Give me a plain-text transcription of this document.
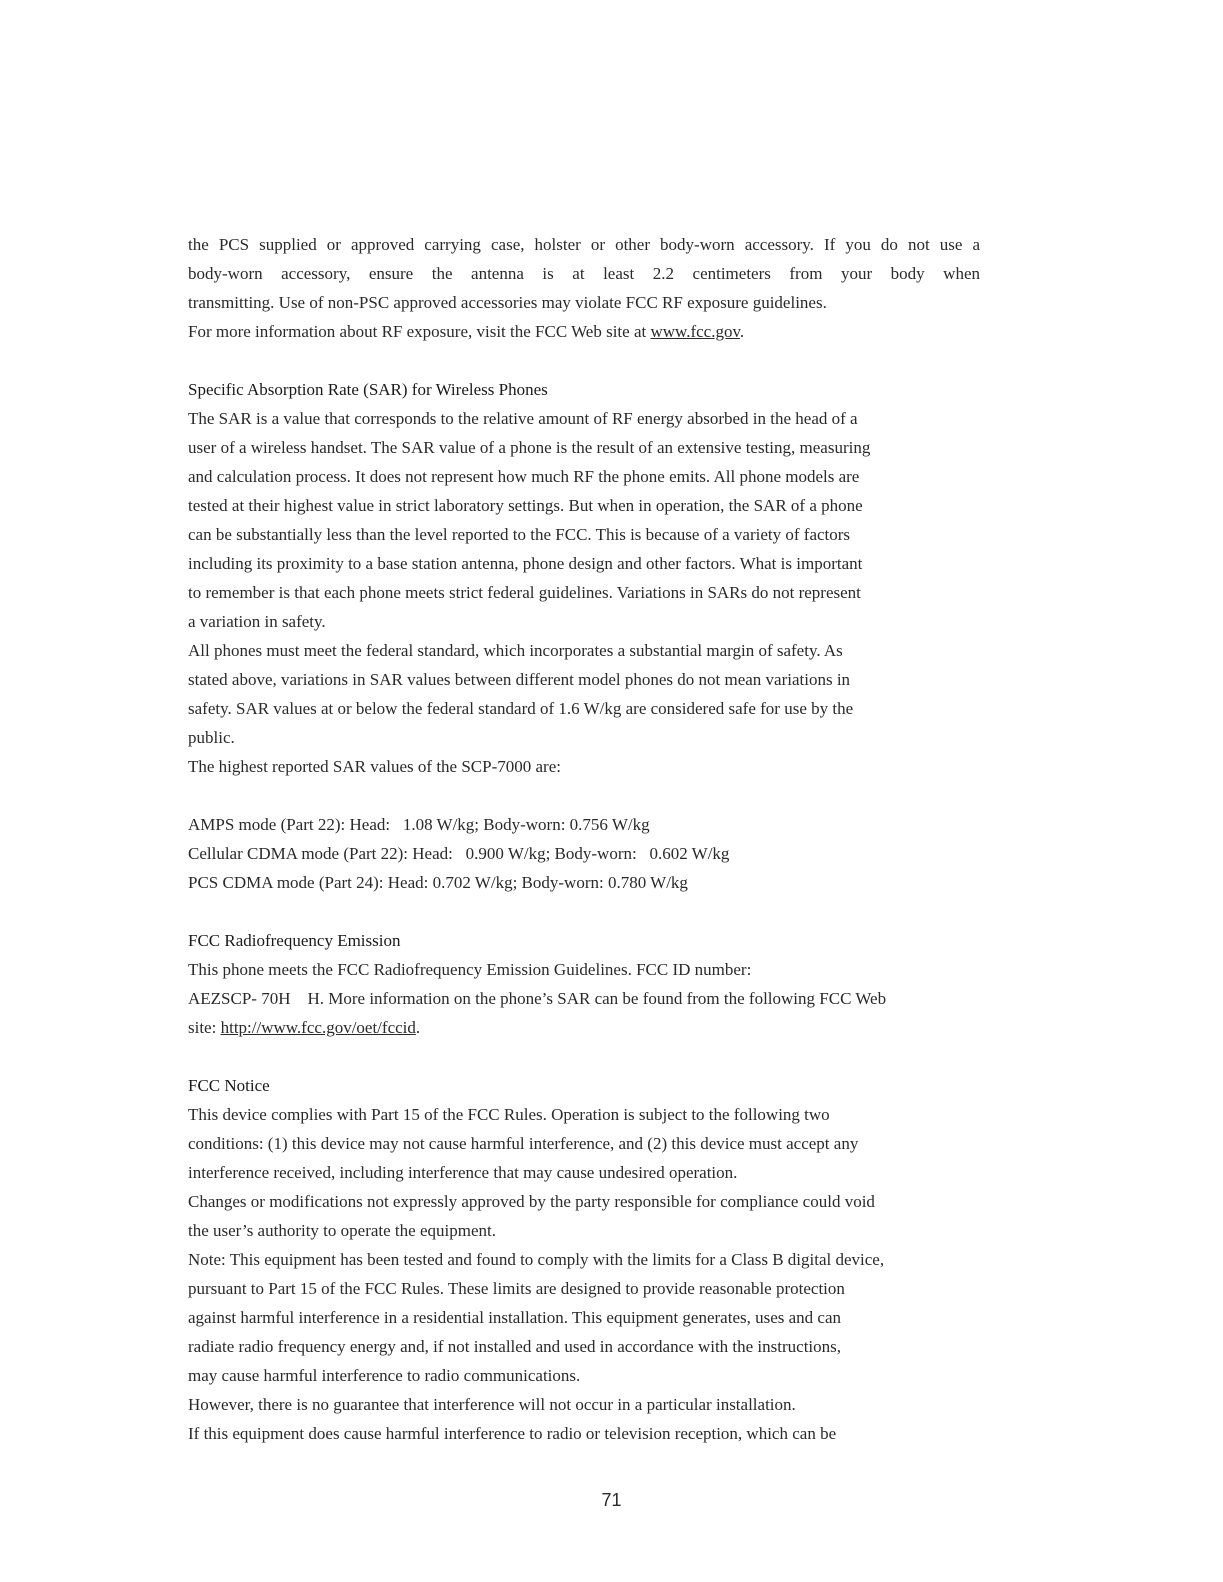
the PCS supplied or approved carrying case, holster or other body-worn accessory. If you do not use a
body-worn accessory, ensure the antenna is at least 2.2 centimeters from your body when
transmitting. Use of non-PSC approved accessories may violate FCC RF exposure guidelines.
For more information about RF exposure, visit the FCC Web site at www.fcc.gov.
Specific Absorption Rate (SAR) for Wireless Phones
The SAR is a value that corresponds to the relative amount of RF energy absorbed in the head of a
user of a wireless handset. The SAR value of a phone is the result of an extensive testing, measuring
and calculation process. It does not represent how much RF the phone emits. All phone models are
tested at their highest value in strict laboratory settings. But when in operation, the SAR of a phone
can be substantially less than the level reported to the FCC. This is because of a variety of factors
including its proximity to a base station antenna, phone design and other factors. What is important
to remember is that each phone meets strict federal guidelines. Variations in SARs do not represent
a variation in safety.
All phones must meet the federal standard, which incorporates a substantial margin of safety. As
stated above, variations in SAR values between different model phones do not mean variations in
safety. SAR values at or below the federal standard of 1.6 W/kg are considered safe for use by the
public.
The highest reported SAR values of the SCP-7000 are:
AMPS mode (Part 22): Head:   1.08 W/kg; Body-worn: 0.756 W/kg
Cellular CDMA mode (Part 22): Head:   0.900 W/kg; Body-worn:   0.602 W/kg
PCS CDMA mode (Part 24): Head: 0.702 W/kg; Body-worn: 0.780 W/kg
FCC Radiofrequency Emission
This phone meets the FCC Radiofrequency Emission Guidelines. FCC ID number:
AEZSCP- 70H    H. More information on the phone’s SAR can be found from the following FCC Web
site: http://www.fcc.gov/oet/fccid.
FCC Notice
This device complies with Part 15 of the FCC Rules. Operation is subject to the following two
conditions: (1) this device may not cause harmful interference, and (2) this device must accept any
interference received, including interference that may cause undesired operation.
Changes or modifications not expressly approved by the party responsible for compliance could void
the user’s authority to operate the equipment.
Note: This equipment has been tested and found to comply with the limits for a Class B digital device,
pursuant to Part 15 of the FCC Rules. These limits are designed to provide reasonable protection
against harmful interference in a residential installation. This equipment generates, uses and can
radiate radio frequency energy and, if not installed and used in accordance with the instructions,
may cause harmful interference to radio communications.
However, there is no guarantee that interference will not occur in a particular installation.
If this equipment does cause harmful interference to radio or television reception, which can be
71
